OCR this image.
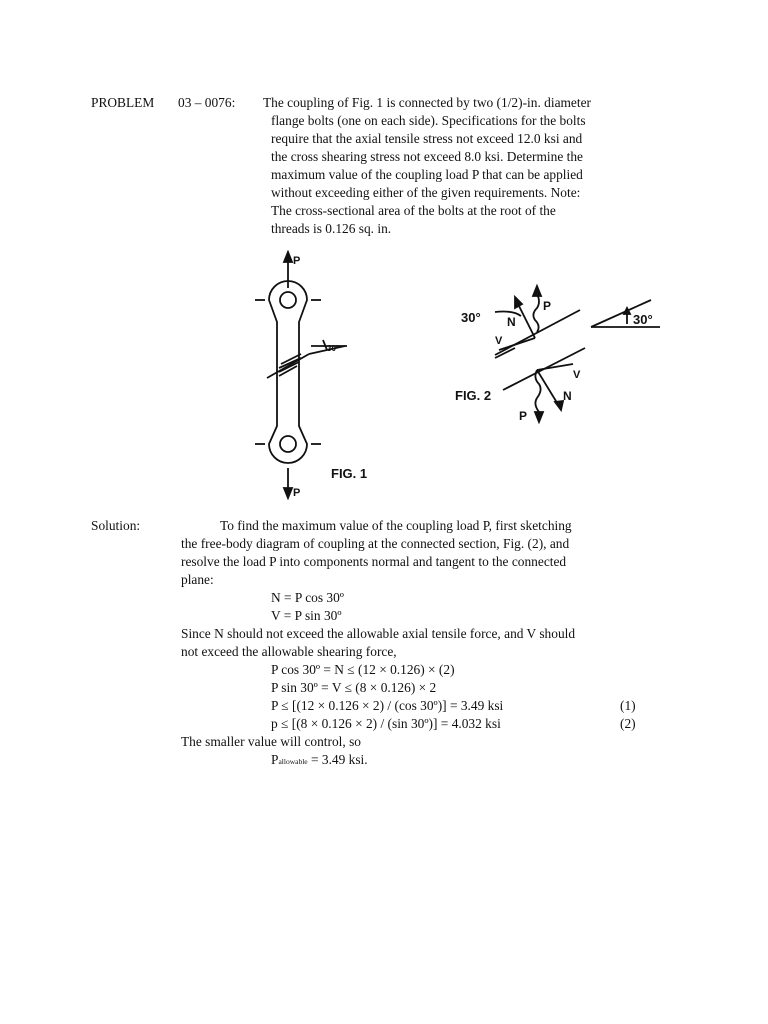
PROBLEM 03 – 0076: The coupling of Fig. 1 is connected by two (1/2)-in. diameter
flange bolts (one on each side). Specifications for the bolts
require that the axial tensile stress not exceed 12.0 ksi and
the cross shearing stress not exceed 8.0 ksi. Determine the
maximum value of the coupling load P that can be applied
without exceeding either of the given requirements. Note:
The cross-sectional area of the bolts at the root of the
threads is 0.126 sq. in.
P
P
30°
FIG. 1
30° N
V
P
30°
N
V
P
FIG. 2
Solution:	To find the maximum value of the coupling load P, first sketching
the free-body diagram of coupling at the connected section, Fig. (2), and
resolve the load P into components normal and tangent to the connected
plane:
N = P cos 30º
V = P sin 30º
Since N should not exceed the allowable axial tensile force, and V should
not exceed the allowable shearing force,
P cos 30º = N ≤ (12 × 0.126) × (2)
P sin 30º = V ≤ (8 × 0.126) × 2
P ≤ [(12 × 0.126 × 2) / (cos 30º)] = 3.49 ksi	(1)
p ≤ [(8 × 0.126 × 2) / (sin 30º)] = 4.032 ksi	(2)
The smaller value will control, so
Pallowable = 3.49 ksi.
